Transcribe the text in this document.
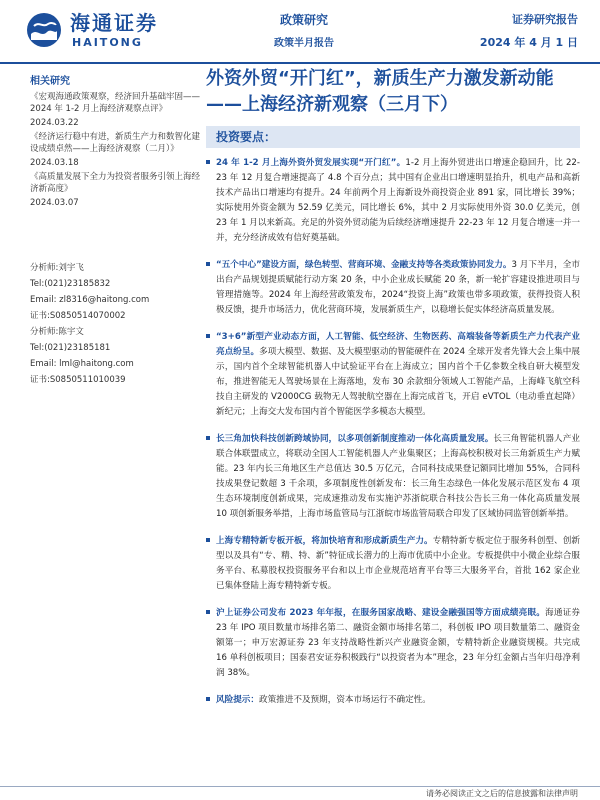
海通证券
HAITONG
政策研究
政策半月报告
证券研究报告
2024 年 4 月 1 日
相关研究
《宏观海通政策观察，经济回升基础牢固——2024 年 1-2 月上海经济观察点评》
2024.03.22
《经济运行稳中有进，新质生产力和数智化建设成绩卓然——上海经济观察（二月）》
2024.03.18
《高质量发展下全力为投资者服务引领上海经济新高度》
2024.03.07
分析师:刘宇飞
Tel:(021)23185832
Email: zl8316@haitong.com
证书:S0850514070002
分析师:陈宇文
Tel:(021)23185181
Email: lml@haitong.com
证书:S0850511010039
外资外贸“开门红”，新质生产力激发新动能——上海经济新观察（三月下）
投资要点：

24 年 1-2 月上海外资外贸发展实现“开门红”。1-2 月上海外贸进出口增速企稳回升，比 22-23 年 12 月复合增速提高了 4.8 个百分点；其中国有企业出口增速明显抬升，机电产品和高新技术产品出口增速均有提升。24 年前两个月上海新设外商投资企业 891 家，同比增长 39%；实际使用外资金额为 52.59 亿美元，同比增长 6%，其中 2 月实际使用外资 30.0 亿美元，创 23 年 1 月以来新高。充足的外资外贸动能为后续经济增速提升 22-23 年 12 月复合增速一并一并，充分经济成效有信好奠基础。

“五个中心”建设方面，绿色转型、营商环境、金融支持等各类政策协同发力。3 月下半月，全市出台产品规划提质赋能行动方案 20 条，中小企业成长赋能 20 条，新一轮扩容建设推进项目与管理措施等。2024 年上海经营政策发布，2024“投资上海”政策也带多项政策，获得投资人积极反馈，提升市场活力，优化营商环境，发展新质生产，以稳增长促实体经济高质量发展。

“3+6”新型产业动态方面，人工智能、低空经济、生物医药、高端装备等新质生产力代表产业亮点纷呈。多项大模型、数据、及大模型驱动的智能硬件在 2024 全球开发者先锋大会上集中展示，国内首个全球智能机器人中试验证平台在上海成立；国内首个千亿参数全栈自研大模型发布，推进智能无人驾驶场景在上海落地，发布 30 余款细分领域人工智能产品，上海峰飞航空科技自主研发的 V2000CG 载物无人驾驶航空器在上海完成首飞，开启 eVTOL（电动垂直起降）新纪元；上海交大发布国内首个智能医学多模态大模型。

长三角加快科技创新跨域协同，以多项创新制度推动一体化高质量发展。长三角智能机器人产业联合体联盟成立，将联动全国人工智能机器人产业集聚区；上海高校积极对长三角新质生产力赋能。23 年内长三角地区生产总值达 30.5 万亿元，合同科技成果登记额同比增加 55%，合同科技成果登记数超 3 千余项，多项制度性创新发布：长三角生态绿色一体化发展示范区发布 4 项生态环境制度创新成果，完成速推动发布实施沪苏浙皖联合科技公告长三角一体化高质量发展 10 项创新服务举措，上海市场监管局与江浙皖市场监管局联合印发了区域协同监管创新举措。

上海专精特新专板开板，将加快培育和形成新质生产力。专精特新专板定位于服务科创型、创新型以及具有“专、精、特、新”特征成长潜力的上海市优质中小企业。专板提供中小微企业综合服务平台、私募股权投资服务平台和以上市企业规范培育平台等三大服务平台，首批 162 家企业已集体登陆上海专精特新专板。

沪上证券公司发布 2023 年年报，在服务国家战略、建设金融强国等方面成绩亮眼。海通证券 23 年 IPO 项目数量市场排名第二、融资金额市场排名第二，科创板 IPO 项目数量第二、融资金额第一；申万宏源证券 23 年支持战略性新兴产业融资金额，专精特新企业融资规模。共完成 16 单科创板项目；国泰君安证券积极践行“以投资者为本”理念，23 年分红金额占当年归母净利润 38%。

风险提示：政策推进不及预期，资本市场运行不确定性。

请务必阅读正文之后的信息披露和法律声明
